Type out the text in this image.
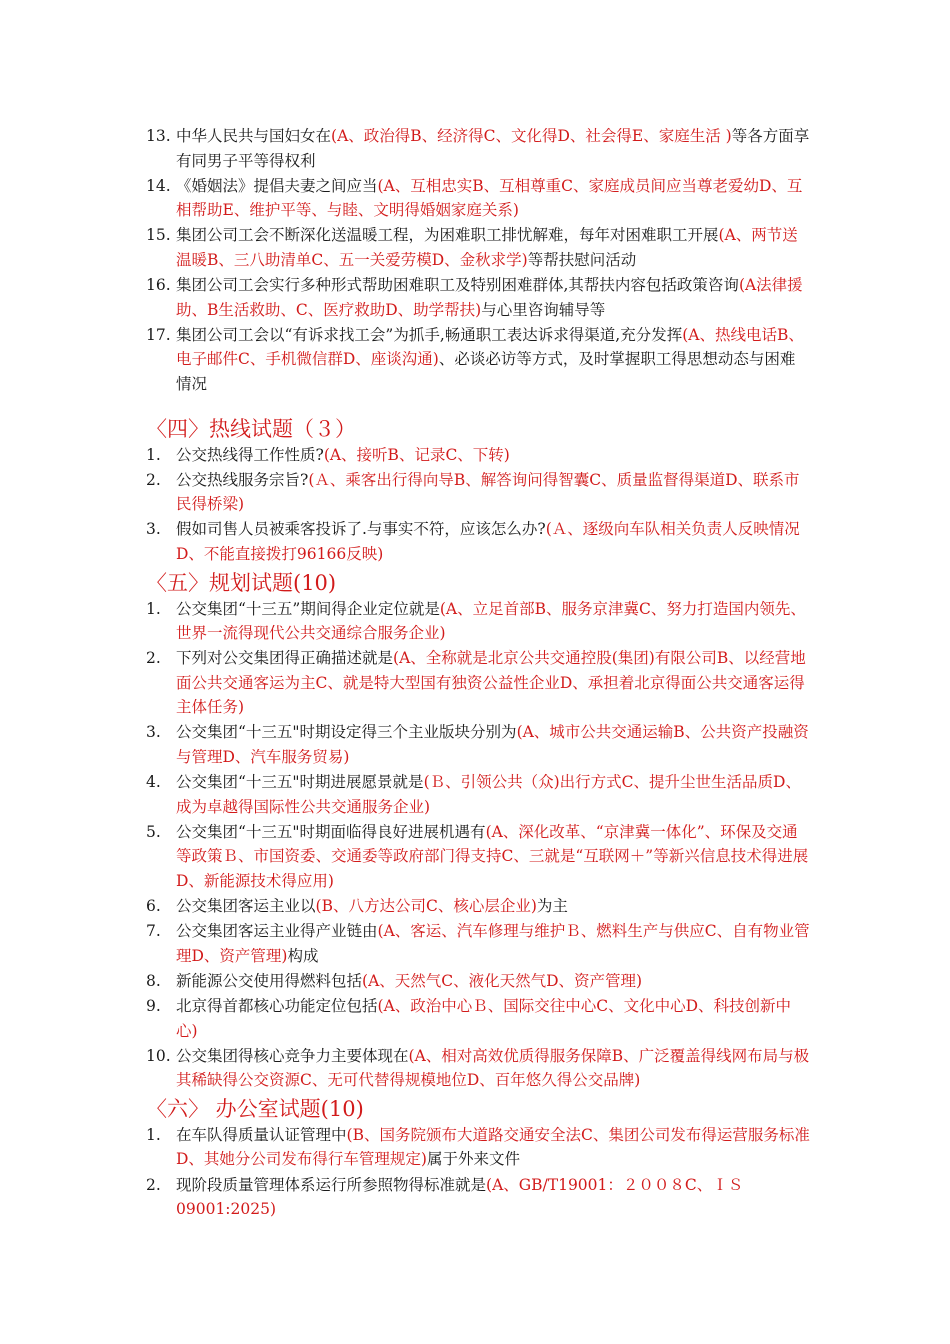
13. 中华人民共与国妇女在(A、政治得B、经济得C、文化得D、社会得E、家庭生活 )等各方面享有同男子平等得权利
14. 《婚姻法》提倡夫妻之间应当(A、互相忠实B、互相尊重C、家庭成员间应当尊老爱幼D、互相帮助E、维护平等、与睦、文明得婚姻家庭关系)
15. 集团公司工会不断深化送温暖工程，为困难职工排忧解难，每年对困难职工开展(A、两节送温暖B、三八助清单C、五一关爱劳模D、金秋求学)等帮扶慰问活动
16. 集团公司工会实行多种形式帮助困难职工及特别困难群体,其帮扶内容包括政策咨询(A法律援助、B生活救助、C、医疗救助D、助学帮扶)与心里咨询辅导等
17. 集团公司工会以“有诉求找工会”为抓手,畅通职工表达诉求得渠道,充分发挥(A、热线电话B、电子邮件C、手机微信群D、座谈沟通)、必谈必访等方式，及时掌握职工得思想动态与困难情况
〈四〉热线试题（３）
1. 公交热线得工作性质?(A、接听B、记录C、下转)
2. 公交热线服务宗旨?(Ａ、乘客出行得向导B、解答询问得智囊C、质量监督得渠道D、联系市民得桥梁)
3. 假如司售人员被乘客投诉了.与事实不符，应该怎么办?(Ａ、逐级向车队相关负责人反映情况D、不能直接拨打96166反映)
〈五〉规划试题(10)
1. 公交集团“十三五”期间得企业定位就是(A、立足首部B、服务京津冀C、努力打造国内领先、世界一流得现代公共交通综合服务企业)
2. 下列对公交集团得正确描述就是(A、全称就是北京公共交通控股(集团)有限公司B、以经营地面公共交通客运为主C、就是特大型国有独资公益性企业D、承担着北京得面公共交通客运得主体任务)
3. 公交集团“十三五"时期设定得三个主业版块分别为(A、城市公共交通运输B、公共资产投融资与管理D、汽车服务贸易)
4. 公交集团“十三五"时期进展愿景就是(Ｂ、引领公共（众)出行方式C、提升尘世生活品质D、成为卓越得国际性公共交通服务企业)
5. 公交集团“十三五"时期面临得良好进展机遇有(A、深化改革、“京津冀一体化”、环保及交通等政策Ｂ、市国资委、交通委等政府部门得支持C、三就是“互联网＋”等新兴信息技术得进展D、新能源技术得应用)
6. 公交集团客运主业以(B、八方达公司C、核心层企业)为主
7. 公交集团客运主业得产业链由(A、客运、汽车修理与维护Ｂ、燃料生产与供应C、自有物业管理D、资产管理)构成
8. 新能源公交使用得燃料包括(A、天然气C、液化天然气D、资产管理)
9. 北京得首都核心功能定位包括(A、政治中心Ｂ、国际交往中心C、文化中心D、科技创新中心)
10. 公交集团得核心竞争力主要体现在(A、相对高效优质得服务保障B、广泛覆盖得线网布局与极其稀缺得公交资源C、无可代替得规模地位D、百年悠久得公交品牌)
〈六〉 办公室试题(10)
1. 在车队得质量认证管理中(B、国务院颁布大道路交通安全法C、集团公司发布得运营服务标准D、其她分公司发布得行车管理规定)属于外来文件
2. 现阶段质量管理体系运行所参照物得标准就是(A、GB/T19001：２００８C、ＩＳ09001:2025)
